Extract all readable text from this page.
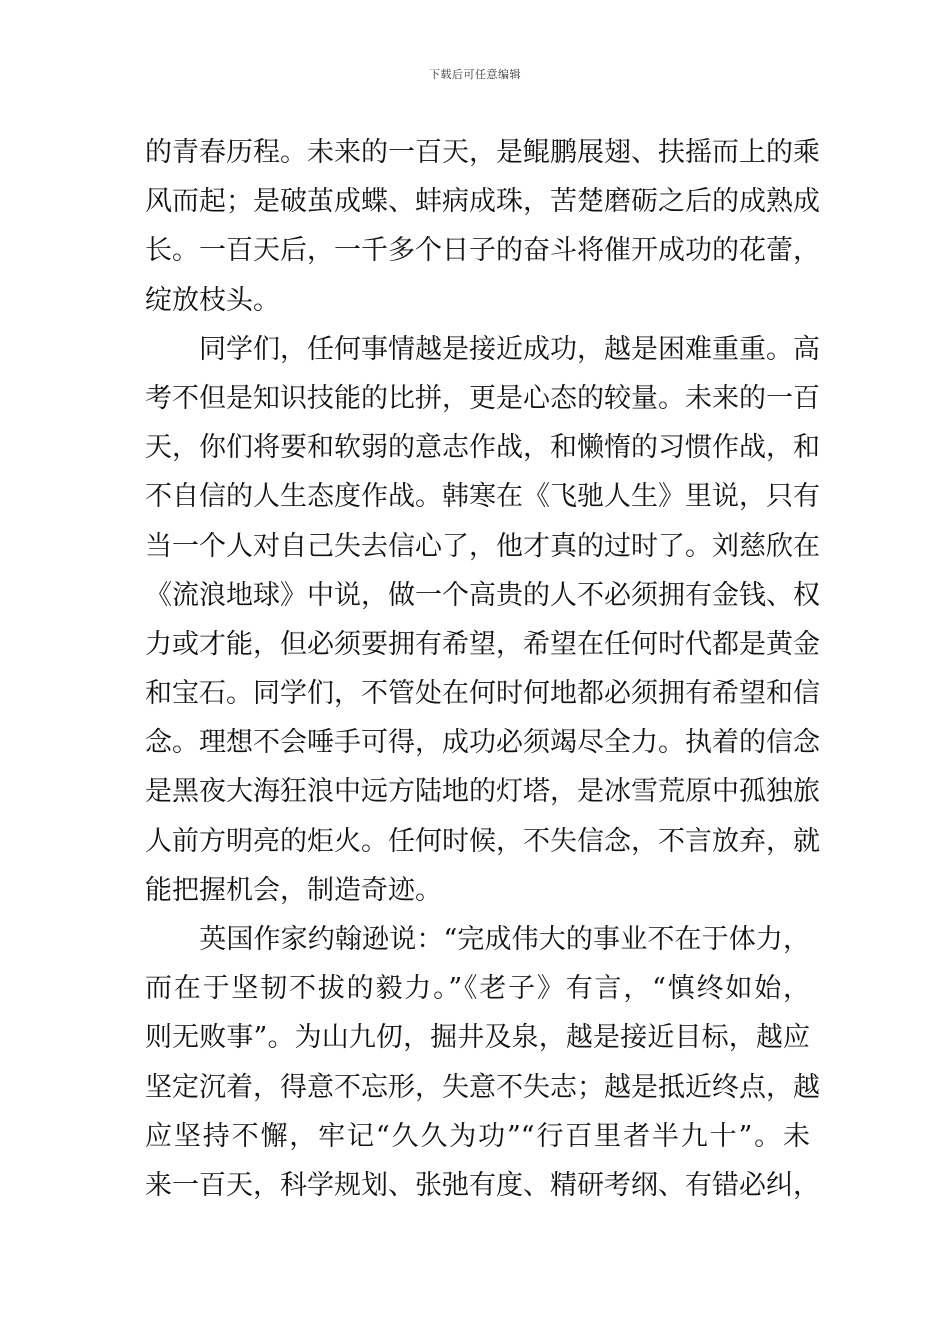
下载后可任意编辑
的青春历程。未来的一百天，是鲲鹏展翅、扶摇而上的乘
风而起；是破茧成蝶、蚌病成珠，苦楚磨砺之后的成熟成
长。一百天后，一千多个日子的奋斗将催开成功的花蕾，
绽放枝头。
　　同学们，任何事情越是接近成功，越是困难重重。高
考不但是知识技能的比拼，更是心态的较量。未来的一百
天，你们将要和软弱的意志作战，和懒惰的习惯作战，和
不自信的人生态度作战。韩寒在《飞驰人生》里说，只有
当一个人对自己失去信心了，他才真的过时了。刘慈欣在
《流浪地球》中说，做一个高贵的人不必须拥有金钱、权
力或才能，但必须要拥有希望，希望在任何时代都是黄金
和宝石。同学们，不管处在何时何地都必须拥有希望和信
念。理想不会唾手可得，成功必须竭尽全力。执着的信念
是黑夜大海狂浪中远方陆地的灯塔，是冰雪荒原中孤独旅
人前方明亮的炬火。任何时候，不失信念，不言放弃，就
能把握机会，制造奇迹。
　　英国作家约翰逊说：“完成伟大的事业不在于体力，
而在于坚韧不拔的毅力。”《老子》有言，“慎终如始，
则无败事”。为山九仞，掘井及泉，越是接近目标，越应
坚定沉着，得意不忘形，失意不失志；越是抵近终点，越
应坚持不懈，牢记“久久为功”“行百里者半九十”。未
来一百天，科学规划、张弛有度、精研考纲、有错必纠，
